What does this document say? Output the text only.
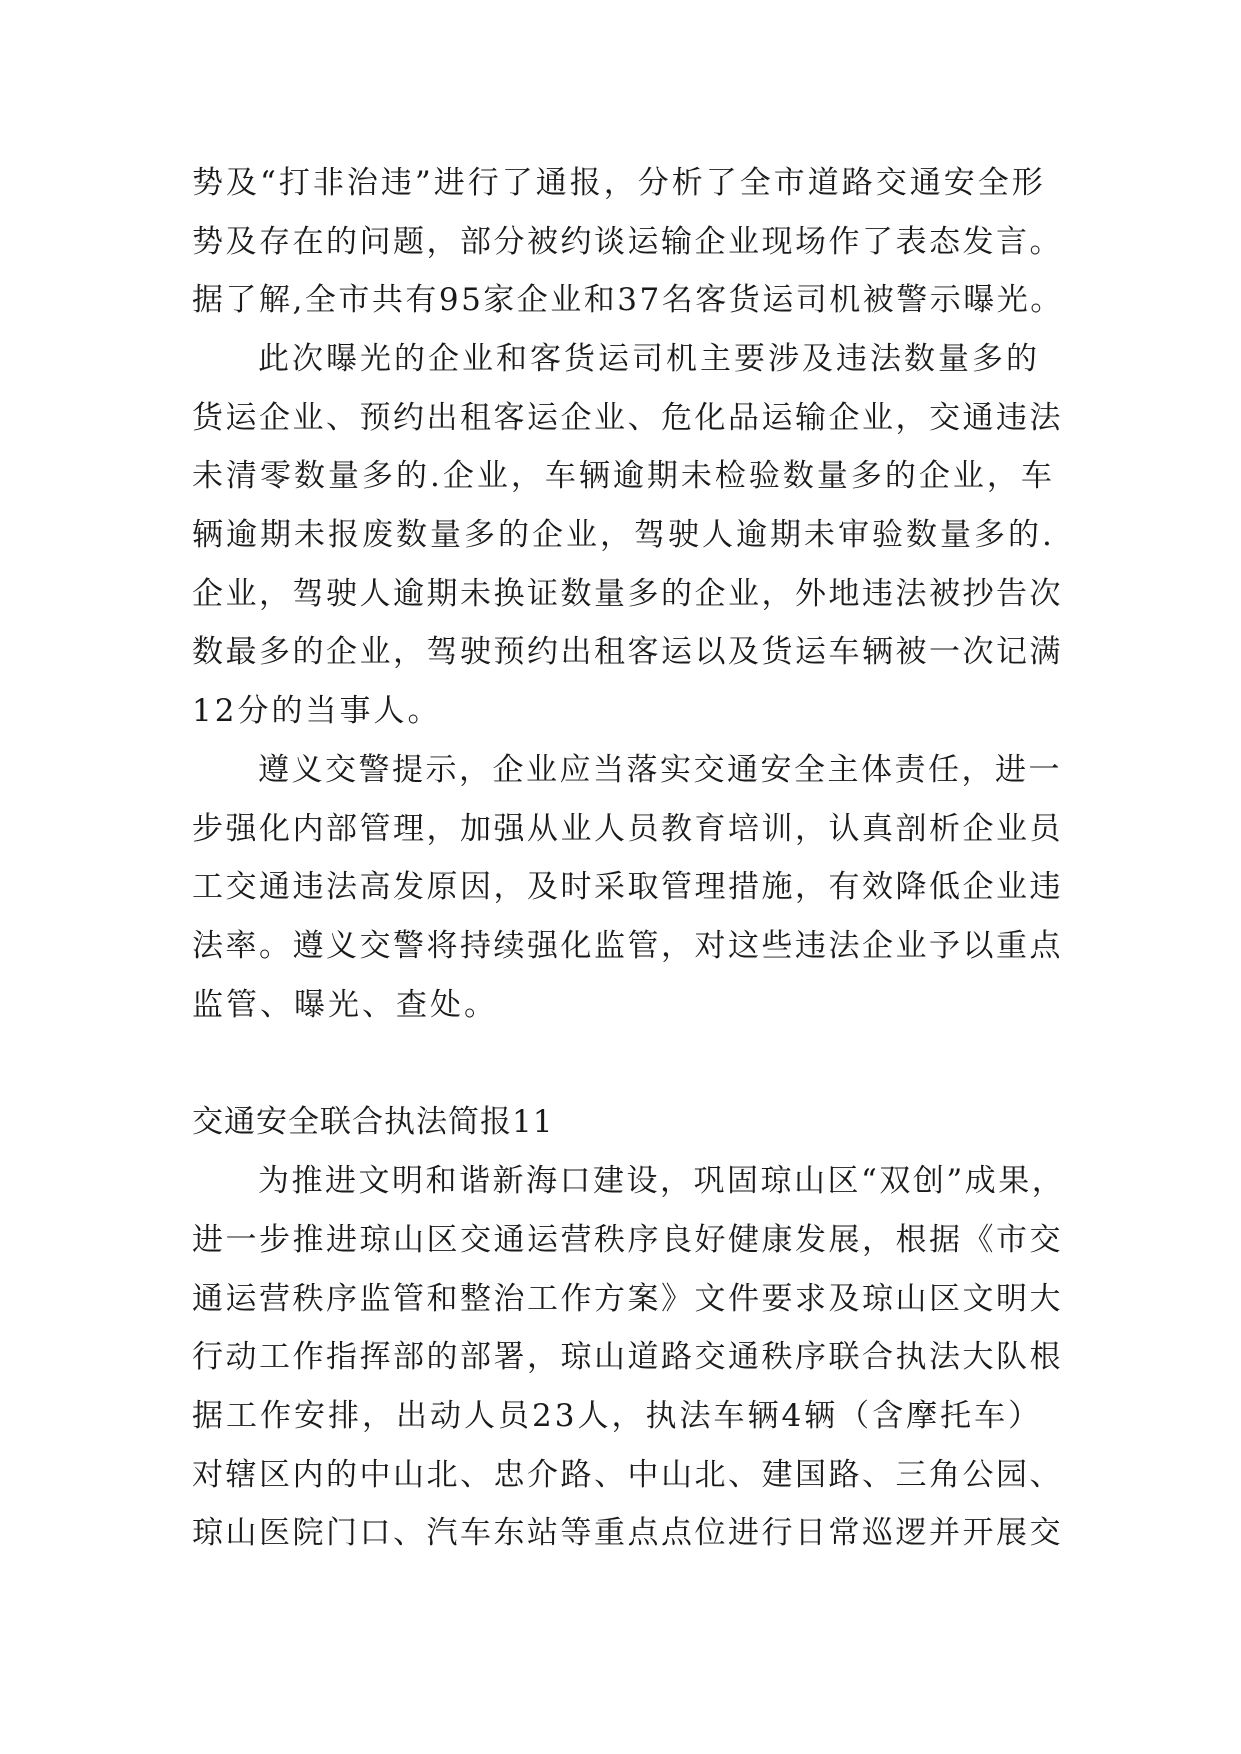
势及“打非治违”进行了通报，分析了全市道路交通安全形
势及存在的问题，部分被约谈运输企业现场作了表态发言。
据了解,全市共有95家企业和37名客货运司机被警示曝光。
此次曝光的企业和客货运司机主要涉及违法数量多的
货运企业、预约出租客运企业、危化品运输企业，交通违法
未清零数量多的.企业，车辆逾期未检验数量多的企业，车
辆逾期未报废数量多的企业，驾驶人逾期未审验数量多的.
企业，驾驶人逾期未换证数量多的企业，外地违法被抄告次
数最多的企业，驾驶预约出租客运以及货运车辆被一次记满
12分的当事人。
遵义交警提示，企业应当落实交通安全主体责任，进一
步强化内部管理，加强从业人员教育培训，认真剖析企业员
工交通违法高发原因，及时采取管理措施，有效降低企业违
法率。遵义交警将持续强化监管，对这些违法企业予以重点
监管、曝光、查处。
交通安全联合执法简报11
为推进文明和谐新海口建设，巩固琼山区“双创”成果，
进一步推进琼山区交通运营秩序良好健康发展，根据《市交
通运营秩序监管和整治工作方案》文件要求及琼山区文明大
行动工作指挥部的部署，琼山道路交通秩序联合执法大队根
据工作安排，出动人员23人，执法车辆4辆（含摩托车）
对辖区内的中山北、忠介路、中山北、建国路、三角公园、
琼山医院门口、汽车东站等重点点位进行日常巡逻并开展交
